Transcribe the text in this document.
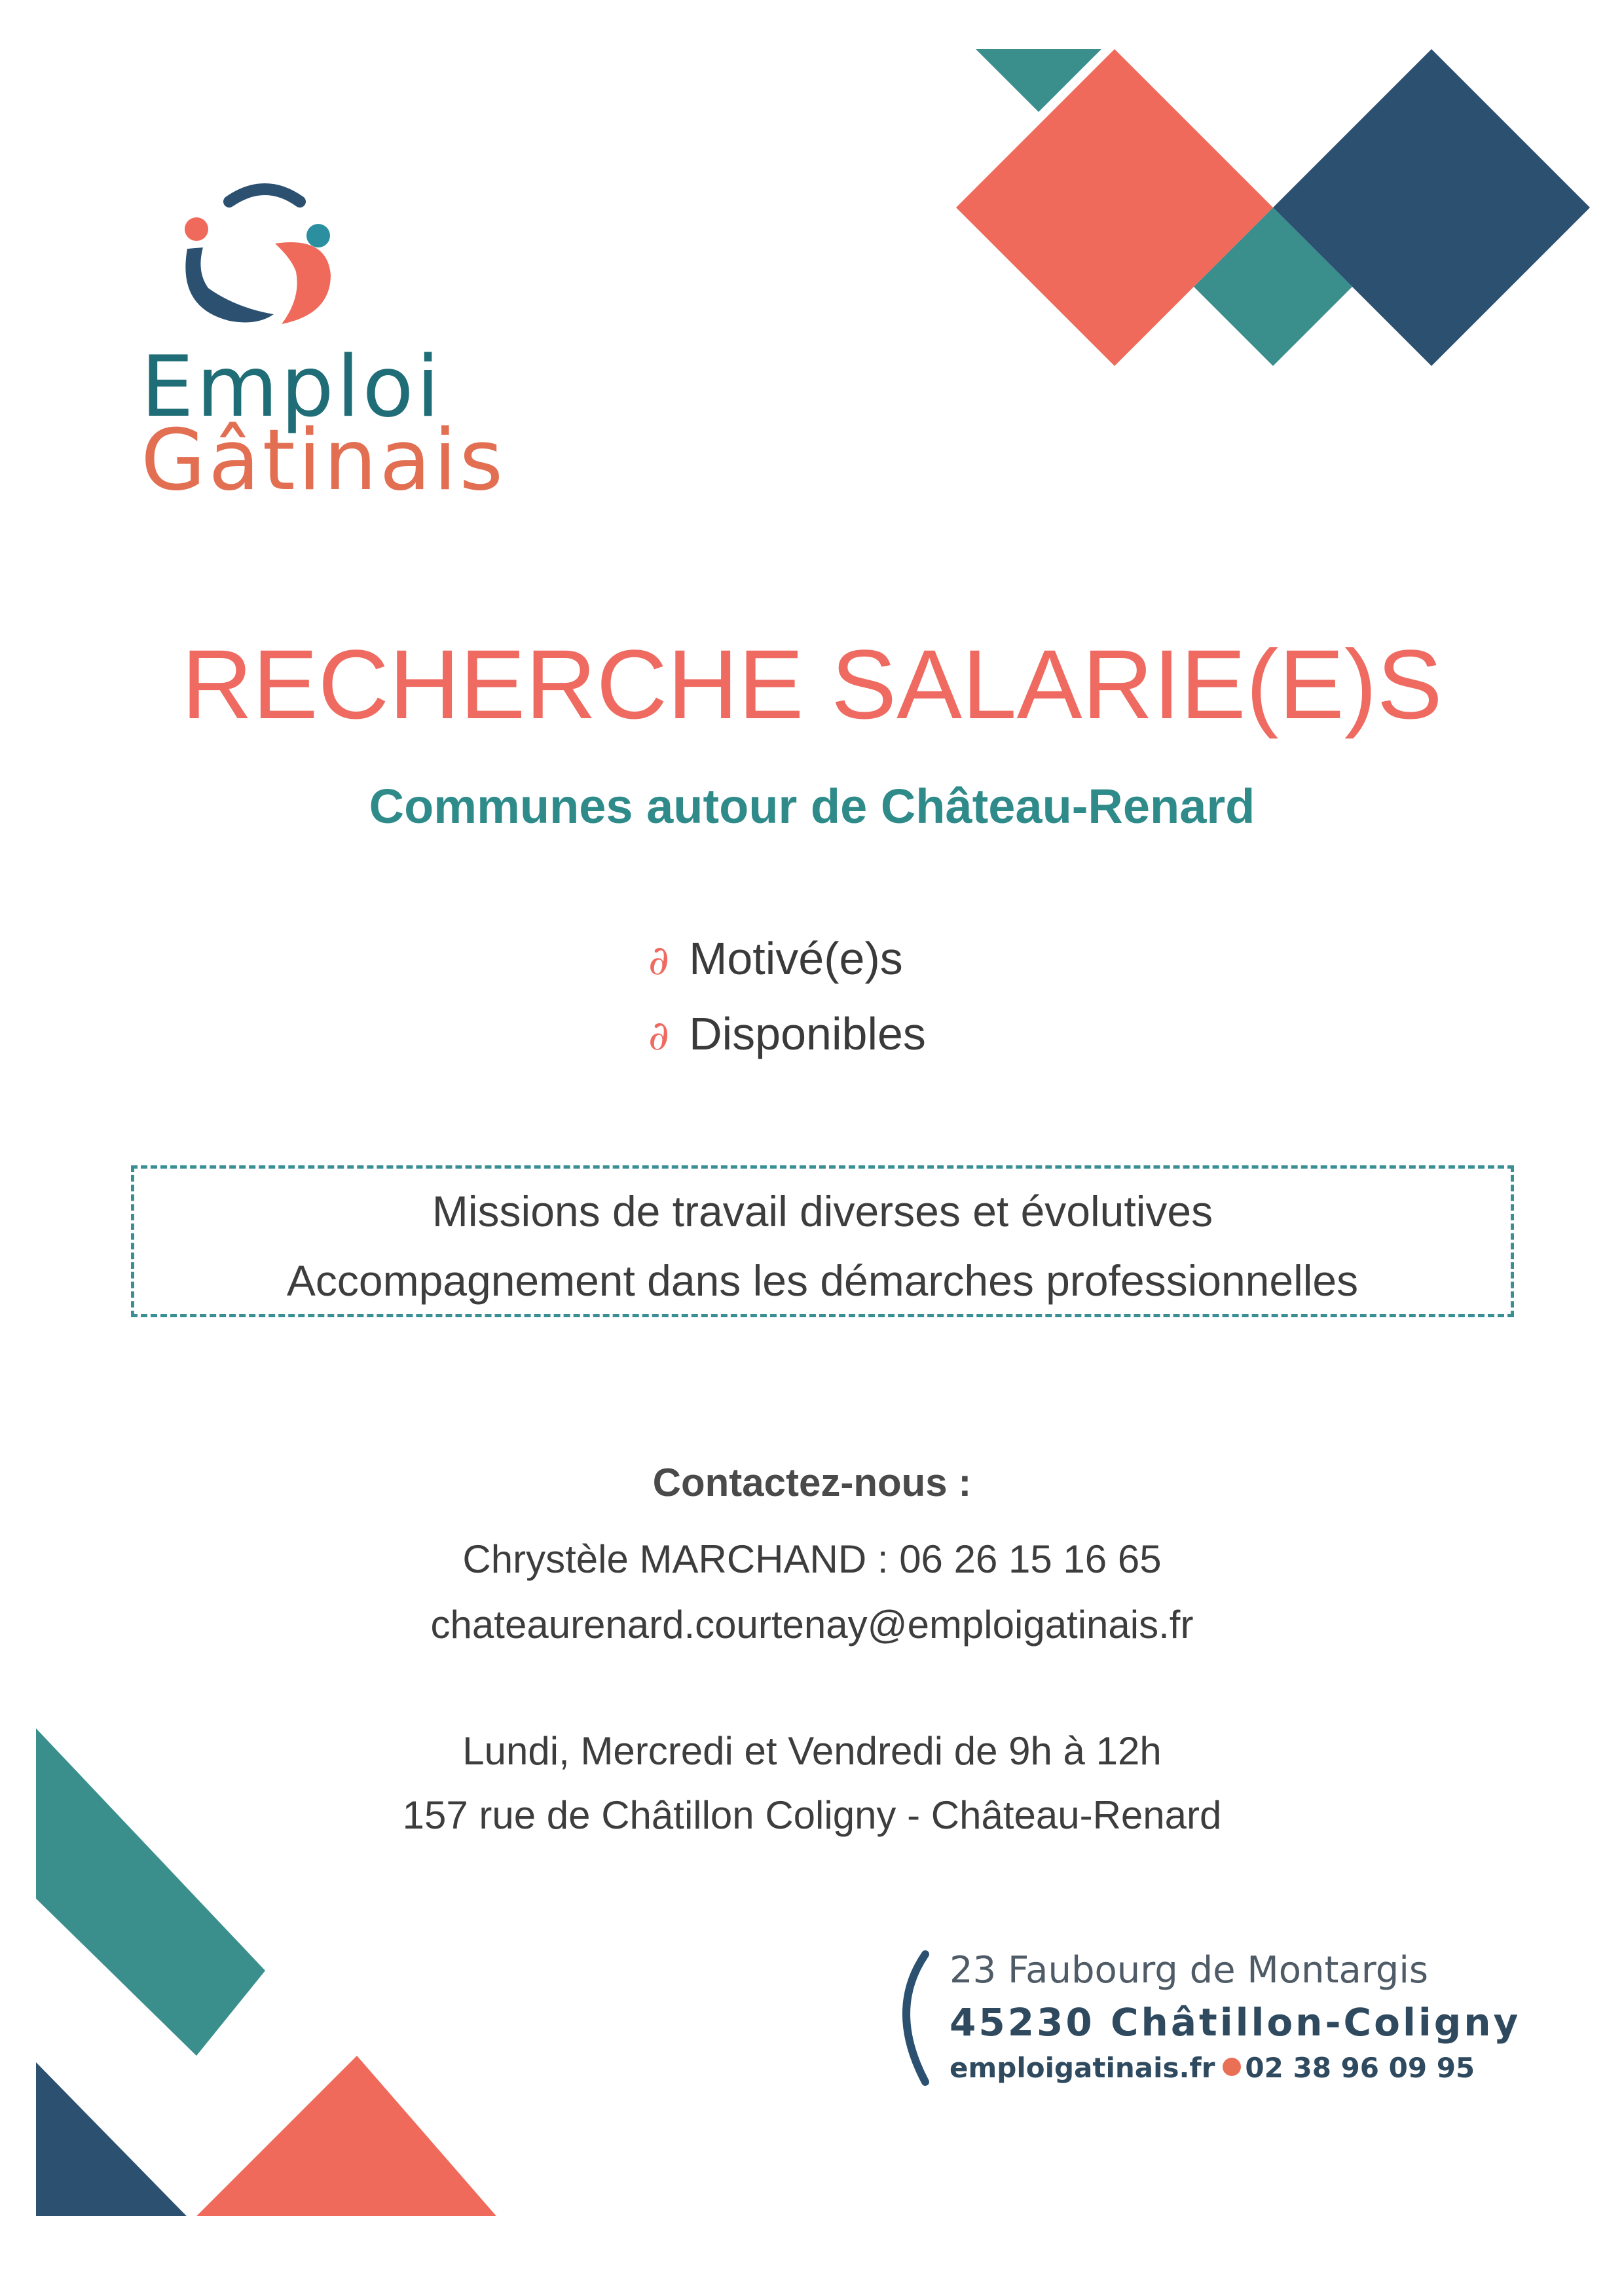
Emploi
Gâtinais
RECHERCHE SALARIE(E)S
Communes autour de Château-Renard
∂ Motivé(e)s
∂ Disponibles

Missions de travail diverses et évolutives

Accompagnement dans les démarches professionnelles

Contactez-nous :
Chrystèle MARCHAND : 06 26 15 16 65
chateaurenard.courtenay@emploigatinais.fr
Lundi, Mercredi et Vendredi de 9h à 12h
157 rue de Châtillon Coligny - Château-Renard
23 Faubourg de Montargis
45230 Châtillon-Coligny
emploigatinais.fr 02 38 96 09 95
